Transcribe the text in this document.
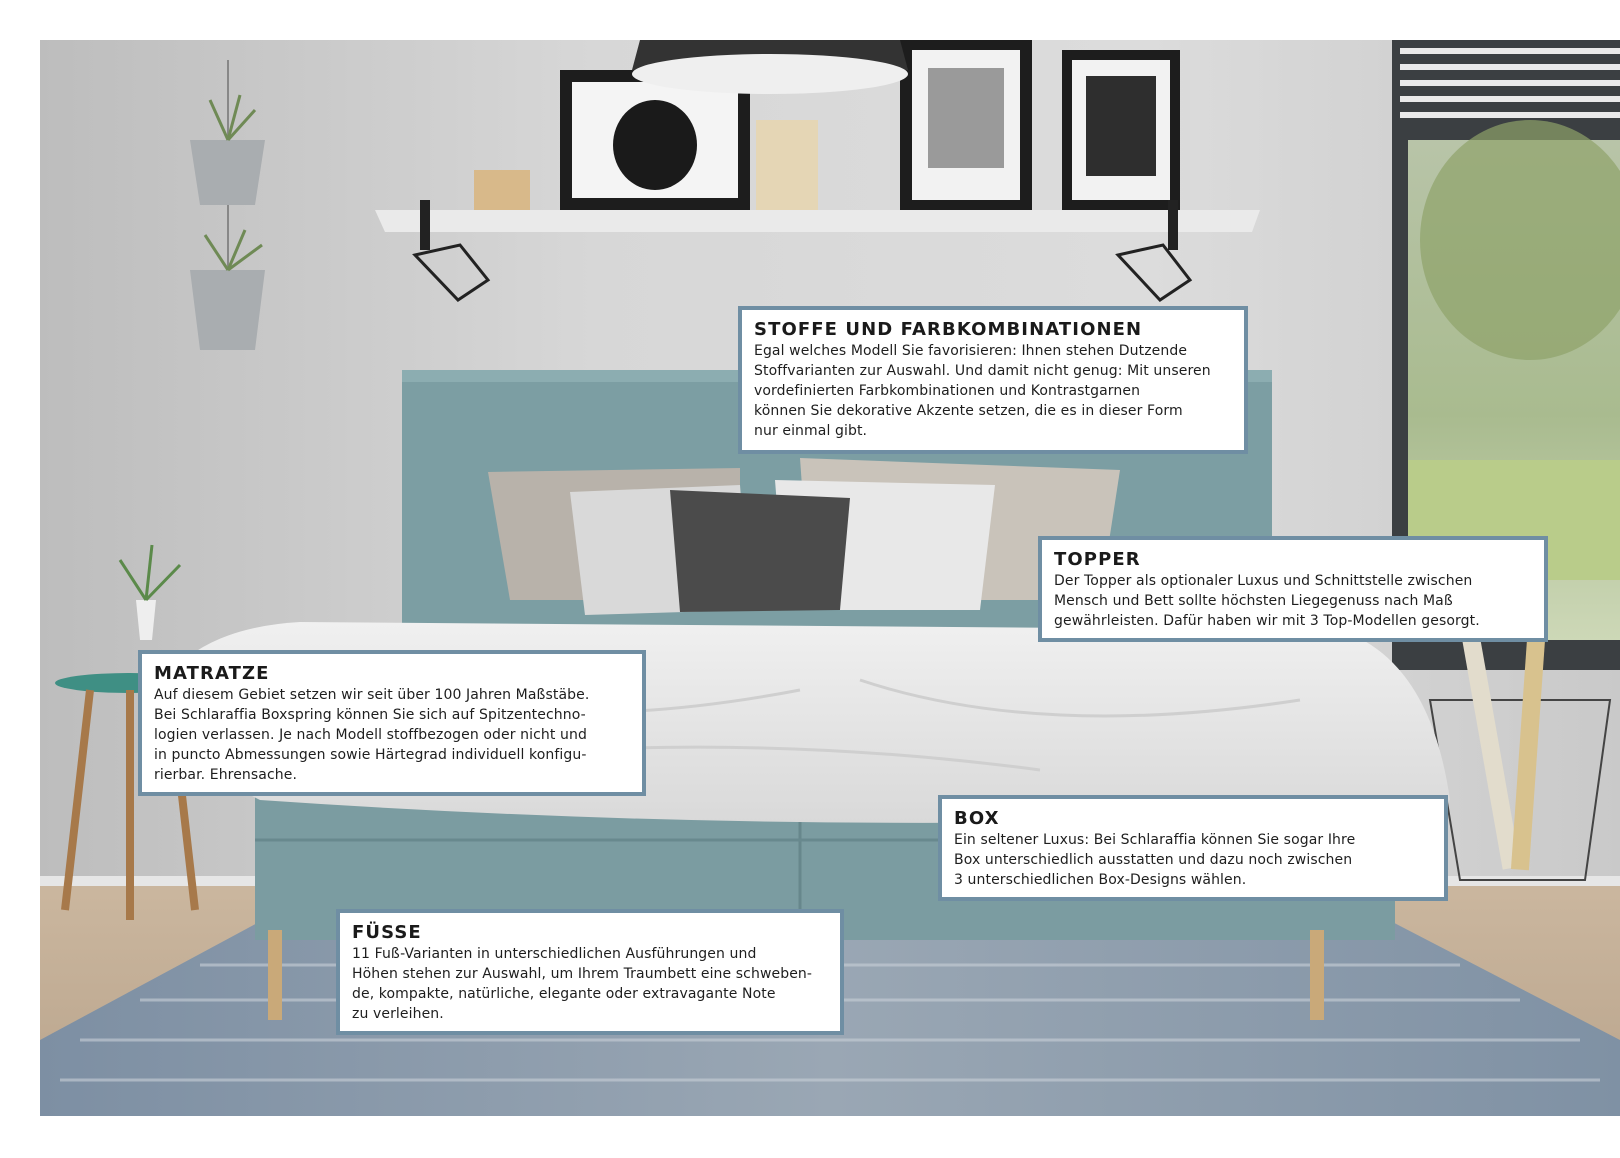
STOFFE UND FARBKOMBINATIONEN
Egal welches Modell Sie favorisieren: Ihnen stehen Dutzende
Stoffvarianten zur Auswahl. Und damit nicht genug: Mit unseren
vordefinierten Farbkombinationen und Kontrastgarnen
können Sie dekorative Akzente setzen, die es in dieser Form
nur einmal gibt.
TOPPER
Der Topper als optionaler Luxus und Schnittstelle zwischen
Mensch und Bett sollte höchsten Liegegenuss nach Maß
gewährleisten. Dafür haben wir mit 3 Top-Modellen gesorgt.
MATRATZE
Auf diesem Gebiet setzen wir seit über 100 Jahren Maßstäbe.
Bei Schlaraffia Boxspring können Sie sich auf Spitzentechno-
logien verlassen. Je nach Modell stoffbezogen oder nicht und
in puncto Abmessungen sowie Härtegrad individuell konfigu-
rierbar. Ehrensache.
BOX
Ein seltener Luxus: Bei Schlaraffia können Sie sogar Ihre
Box unterschiedlich ausstatten und dazu noch zwischen
3 unterschiedlichen Box-Designs wählen.
FÜSSE
11 Fuß-Varianten in unterschiedlichen Ausführungen und
Höhen stehen zur Auswahl, um Ihrem Traumbett eine schweben-
de, kompakte, natürliche, elegante oder extravagante Note
zu verleihen.
